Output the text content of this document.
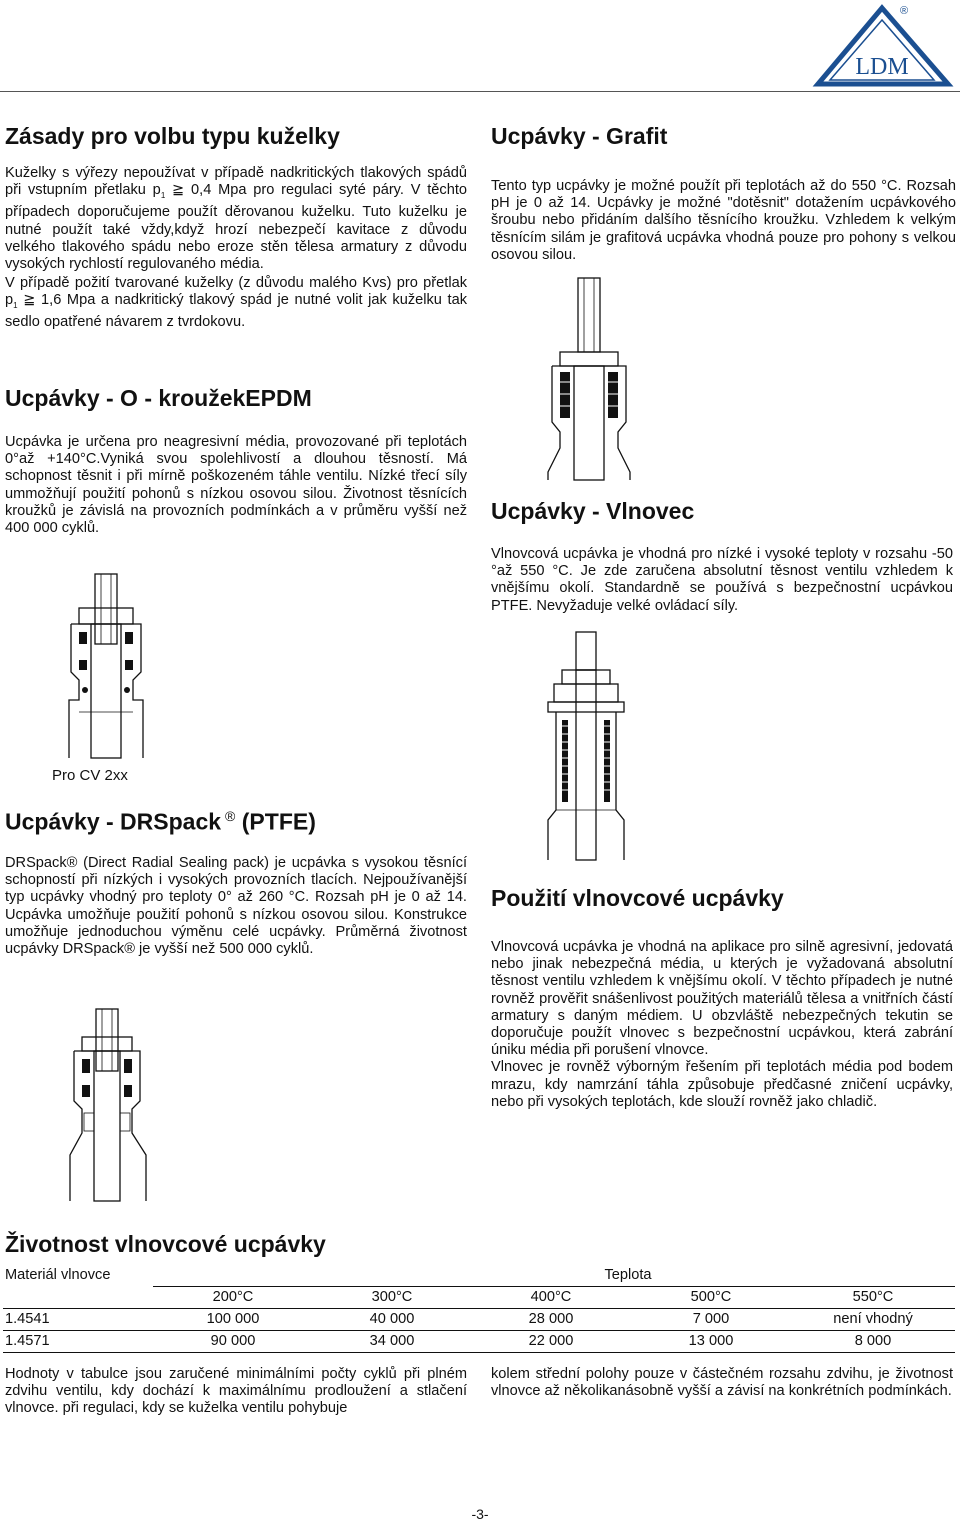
LDM
®
Zásady pro volbu typu kuželky

Kuželky s výřezy nepoužívat v případě nadkritických tlakových spádů při vstupním přetlaku $p_1$ ≧ 0,4 Mpa pro regulaci syté páry. V těchto případech doporučujeme použít děrovanou kuželku. Tuto kuželku je nutné použít také vždy,když hrozí nebezpečí kavitace z důvodu velkého tlakového spádu nebo eroze stěn tělesa armatury z důvodu vysokých rychlostí regulovaného média.

V případě požití tvarované kuželky (z důvodu malého Kvs) pro přetlak $p_1$ ≧ 1,6 Mpa a nadkritický tlakový spád je nutné volit jak kuželku tak sedlo opatřené návarem z tvrdokovu.

Ucpávky - O - kroužekEPDM
Ucpávka je určena pro neagresivní média, provozované při teplotách 0°až +140°C.Vyniká svou spolehlivostí a dlouhou těsností. Má schopnost těsnit i při mírně poškozeném táhle ventilu. Nízké třecí síly ummožňují použití pohonů s nízkou osovou silou. Životnost těsnících kroužků je závislá na provozních podmínkách a v průměru vyšší než 400 000 cyklů.
Pro CV 2xx
Ucpávky - DRSpack ® (PTFE)
DRSpack® (Direct Radial Sealing pack) je ucpávka s vysokou těsnící schopností při nízkých i vysokých provozních tlacích. Nejpoužívanější typ ucpávky vhodný pro teploty 0° až 260 °C. Rozsah pH je 0 až 14. Ucpávka umožňuje použití pohonů s nízkou osovou silou. Konstrukce umožňuje jednoduchou výměnu celé ucpávky. Průměrná životnost ucpávky DRSpack® je vyšší než 500 000 cyklů.
Ucpávky - Grafit
Tento typ ucpávky je možné použít při teplotách až do 550 °C. Rozsah pH je 0 až 14. Ucpávky je možné "dotěsnit" dotažením ucpávkového šroubu nebo přidáním dalšího těsnícího kroužku. Vzhledem k velkým těsnícím silám je grafitová ucpávka vhodná pouze pro pohony s velkou osovou silou.
Ucpávky - Vlnovec
Vlnovcová ucpávka je vhodná pro nízké i vysoké teploty v rozsahu -50 °až 550 °C. Je zde zaručena absolutní těsnost ventilu vzhledem k vnějšímu okolí. Standardně se používá s bezpečnostní ucpávkou PTFE. Nevyžaduje velké ovládací síly.
Použití vlnovcové ucpávky

Vlnovcová ucpávka je vhodná na aplikace pro silně agresivní, jedovatá nebo jinak nebezpečná média, u kterých je vyžadovaná absolutní těsnost ventilu vzhledem k vnějšímu okolí. V těchto případech je nutné rovněž prověřit snášenlivost použitých materiálů tělesa a vnitřních částí armatury s daným médiem. U obzvláště nebezpečných tekutin se doporučuje použít vlnovec s bezpečnostní ucpávkou, která zabrání úniku média při porušení vlnovce.

Vlnovec je rovněž výborným řešením při teplotách média pod bodem mrazu, kdy namrzání táhla způsobuje předčasné zničení ucpávky, nebo při vysokých teplotách, kde slouží rovněž jako chladič.

Životnost vlnovcové ucpávky
Materiál vlnovce	Teplota				
	200°C	300°C	400°C	500°C	550°C
1.4541	100 000	40 000	28 000	7 000	není vhodný
1.4571	90 000	34 000	22 000	13 000	8 000
Hodnoty v tabulce jsou zaručené minimálními počty cyklů při plném zdvihu ventilu, kdy dochází k maximálnímu prodloužení a stlačení vlnovce. při regulaci, kdy se kuželka ventilu pohybuje
kolem střední polohy pouze v částečném rozsahu zdvihu, je životnost vlnovce až několikanásobně vyšší a závisí na konkrétních podmínkách.
-3-
